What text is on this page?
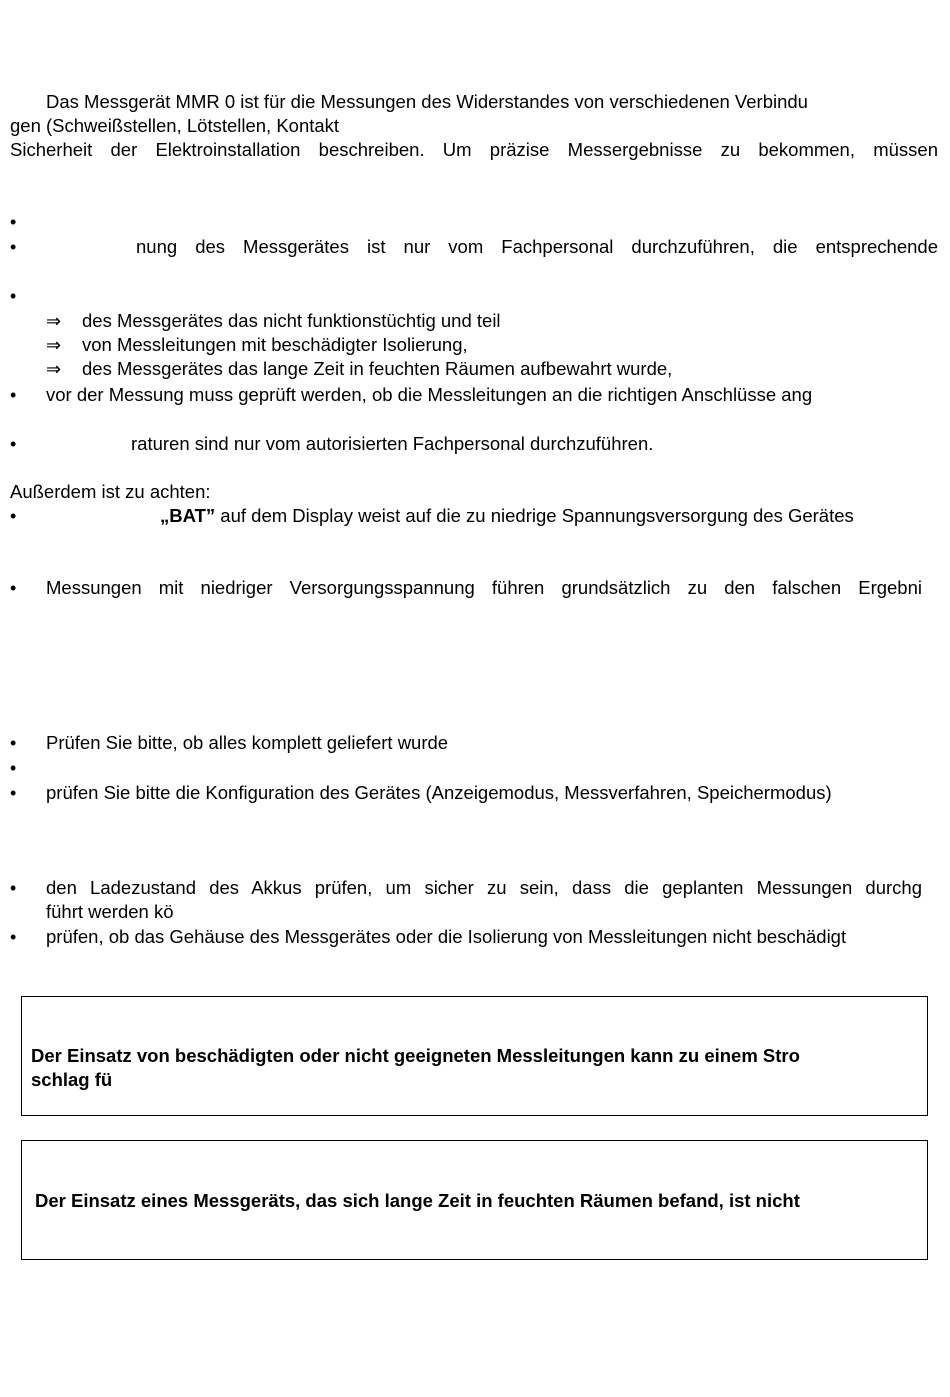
Das Messgerät MMR 0 ist für die Messungen des Widerstandes von verschiedenen Verbindu
gen (Schweißstellen, Lötstellen, Kontakt
Sicherheit der Elektroinstallation beschreiben. Um präzise Messergebnisse zu bekommen, müssen
•
•	nung des Messgerätes ist nur vom Fachpersonal durchzuführen, die entsprechende
•
⇒ des Messgerätes das nicht funktionstüchtig und teil
⇒ von Messleitungen mit beschädigter Isolierung,
⇒ des Messgerätes das lange Zeit in feuchten Räumen aufbewahrt wurde,
• vor der Messung muss geprüft werden, ob die Messleitungen an die richtigen Anschlüsse ang
•	raturen sind nur vom autorisierten Fachpersonal durchzuführen.
Außerdem ist zu achten:
•	„BAT” auf dem Display weist auf die zu niedrige Spannungsversorgung des Gerätes
• Messungen mit niedriger Versorgungsspannung führen grundsätzlich zu den falschen Ergebni
• Prüfen Sie bitte, ob alles komplett geliefert wurde
•
• prüfen Sie bitte die Konfiguration des Gerätes (Anzeigemodus, Messverfahren, Speichermodus)
• den Ladezustand des Akkus prüfen, um sicher zu sein, dass die geplanten Messungen durchg
führt werden kö
• prüfen, ob das Gehäuse des Messgerätes oder die Isolierung von Messleitungen nicht beschädigt
Der Einsatz von beschädigten oder nicht geeigneten Messleitungen kann zu einem Stro
schlag fü
Der Einsatz eines Messgeräts, das sich lange Zeit in feuchten Räumen befand, ist nicht
